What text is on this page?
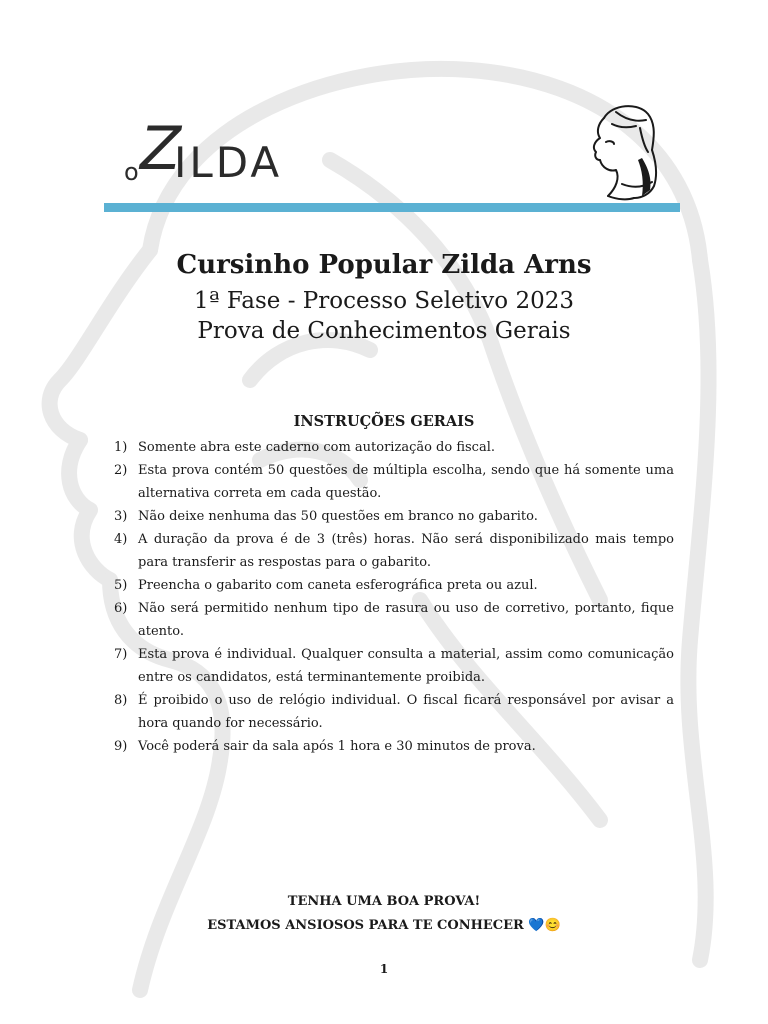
o Z
ILDA
Cursinho Popular Zilda Arns
1ª Fase - Processo Seletivo 2023
Prova de Conhecimentos Gerais
INSTRUÇÕES GERAIS
1) Somente abra este caderno com autorização do fiscal.
2) Esta prova contém 50 questões de múltipla escolha, sendo que há somente uma alternativa correta em cada questão.
3) Não deixe nenhuma das 50 questões em branco no gabarito.
4) A duração da prova é de 3 (três) horas. Não será disponibilizado mais tempo para transferir as respostas para o gabarito.
5) Preencha o gabarito com caneta esferográfica preta ou azul.
6) Não será permitido nenhum tipo de rasura ou uso de corretivo, portanto, fique atento.
7) Esta prova é individual. Qualquer consulta a material, assim como comunicação entre os candidatos, está terminantemente proibida.
8) É proibido o uso de relógio individual. O fiscal ficará responsável por avisar a hora quando for necessário.
9) Você poderá sair da sala após 1 hora e 30 minutos de prova.
TENHA UMA BOA PROVA!
ESTAMOS ANSIOSOS PARA TE CONHECER 💙😊
1
